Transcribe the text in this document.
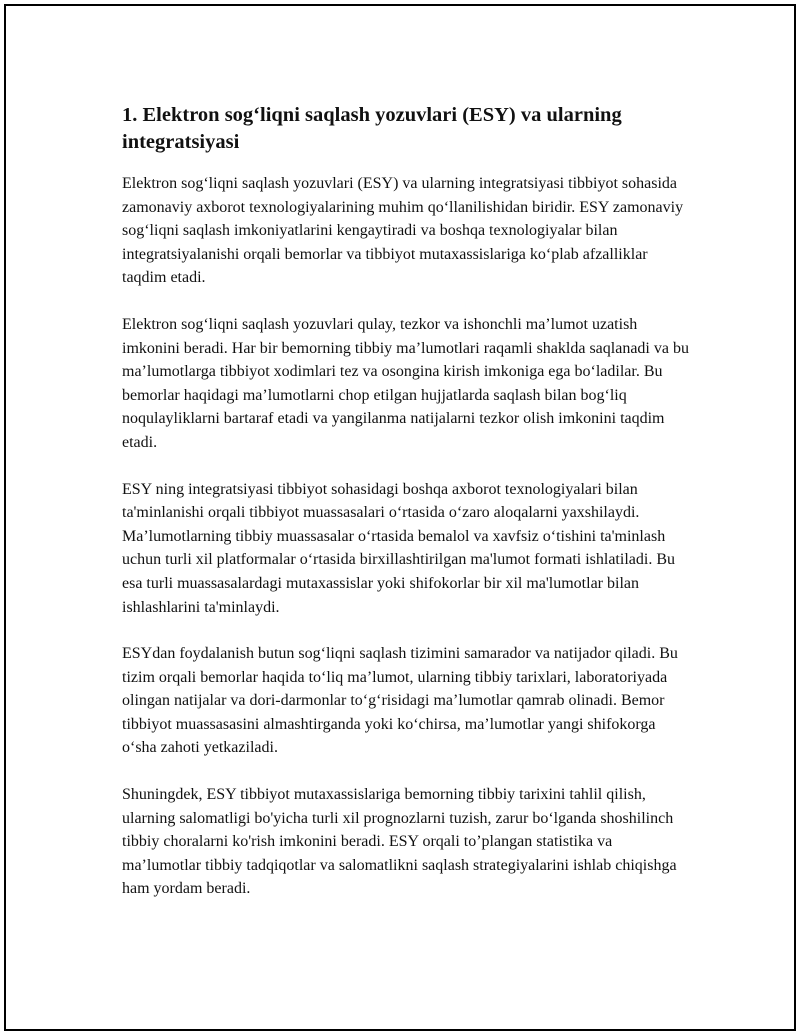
1. Elektron sog‘liqni saqlash yozuvlari (ESY) va ularning integratsiyasi

Elektron sog‘liqni saqlash yozuvlari (ESY) va ularning integratsiyasi tibbiyot sohasida zamonaviy axborot texnologiyalarining muhim qo‘llanilishidan biridir. ESY zamonaviy sog‘liqni saqlash imkoniyatlarini kengaytiradi va boshqa texnologiyalar bilan integratsiyalanishi orqali bemorlar va tibbiyot mutaxassislariga ko‘plab afzalliklar taqdim etadi.

Elektron sog‘liqni saqlash yozuvlari qulay, tezkor va ishonchli ma’lumot uzatish imkonini beradi. Har bir bemorning tibbiy ma’lumotlari raqamli shaklda saqlanadi va bu ma’lumotlarga tibbiyot xodimlari tez va osongina kirish imkoniga ega bo‘ladilar. Bu bemorlar haqidagi ma’lumotlarni chop etilgan hujjatlarda saqlash bilan bog‘liq noqulayliklarni bartaraf etadi va yangilanma natijalarni tezkor olish imkonini taqdim etadi.

ESY ning integratsiyasi tibbiyot sohasidagi boshqa axborot texnologiyalari bilan ta'minlanishi orqali tibbiyot muassasalari o‘rtasida o‘zaro aloqalarni yaxshilaydi. Ma’lumotlarning tibbiy muassasalar o‘rtasida bemalol va xavfsiz o‘tishini ta'minlash uchun turli xil platformalar o‘rtasida birxillashtirilgan ma'lumot formati ishlatiladi. Bu esa turli muassasalardagi mutaxassislar yoki shifokorlar bir xil ma'lumotlar bilan ishlashlarini ta'minlaydi.

ESYdan foydalanish butun sog‘liqni saqlash tizimini samarador va natijador qiladi. Bu tizim orqali bemorlar haqida to‘liq ma’lumot, ularning tibbiy tarixlari, laboratoriyada olingan natijalar va dori-darmonlar to‘g‘risidagi ma’lumotlar qamrab olinadi. Bemor tibbiyot muassasasini almashtirganda yoki ko‘chirsa, ma’lumotlar yangi shifokorga o‘sha zahoti yetkaziladi.

Shuningdek, ESY tibbiyot mutaxassislariga bemorning tibbiy tarixini tahlil qilish, ularning salomatligi bo'yicha turli xil prognozlarni tuzish, zarur bo‘lganda shoshilinch tibbiy choralarni ko'rish imkonini beradi. ESY orqali to’plangan statistika va ma’lumotlar tibbiy tadqiqotlar va salomatlikni saqlash strategiyalarini ishlab chiqishga ham yordam beradi.
